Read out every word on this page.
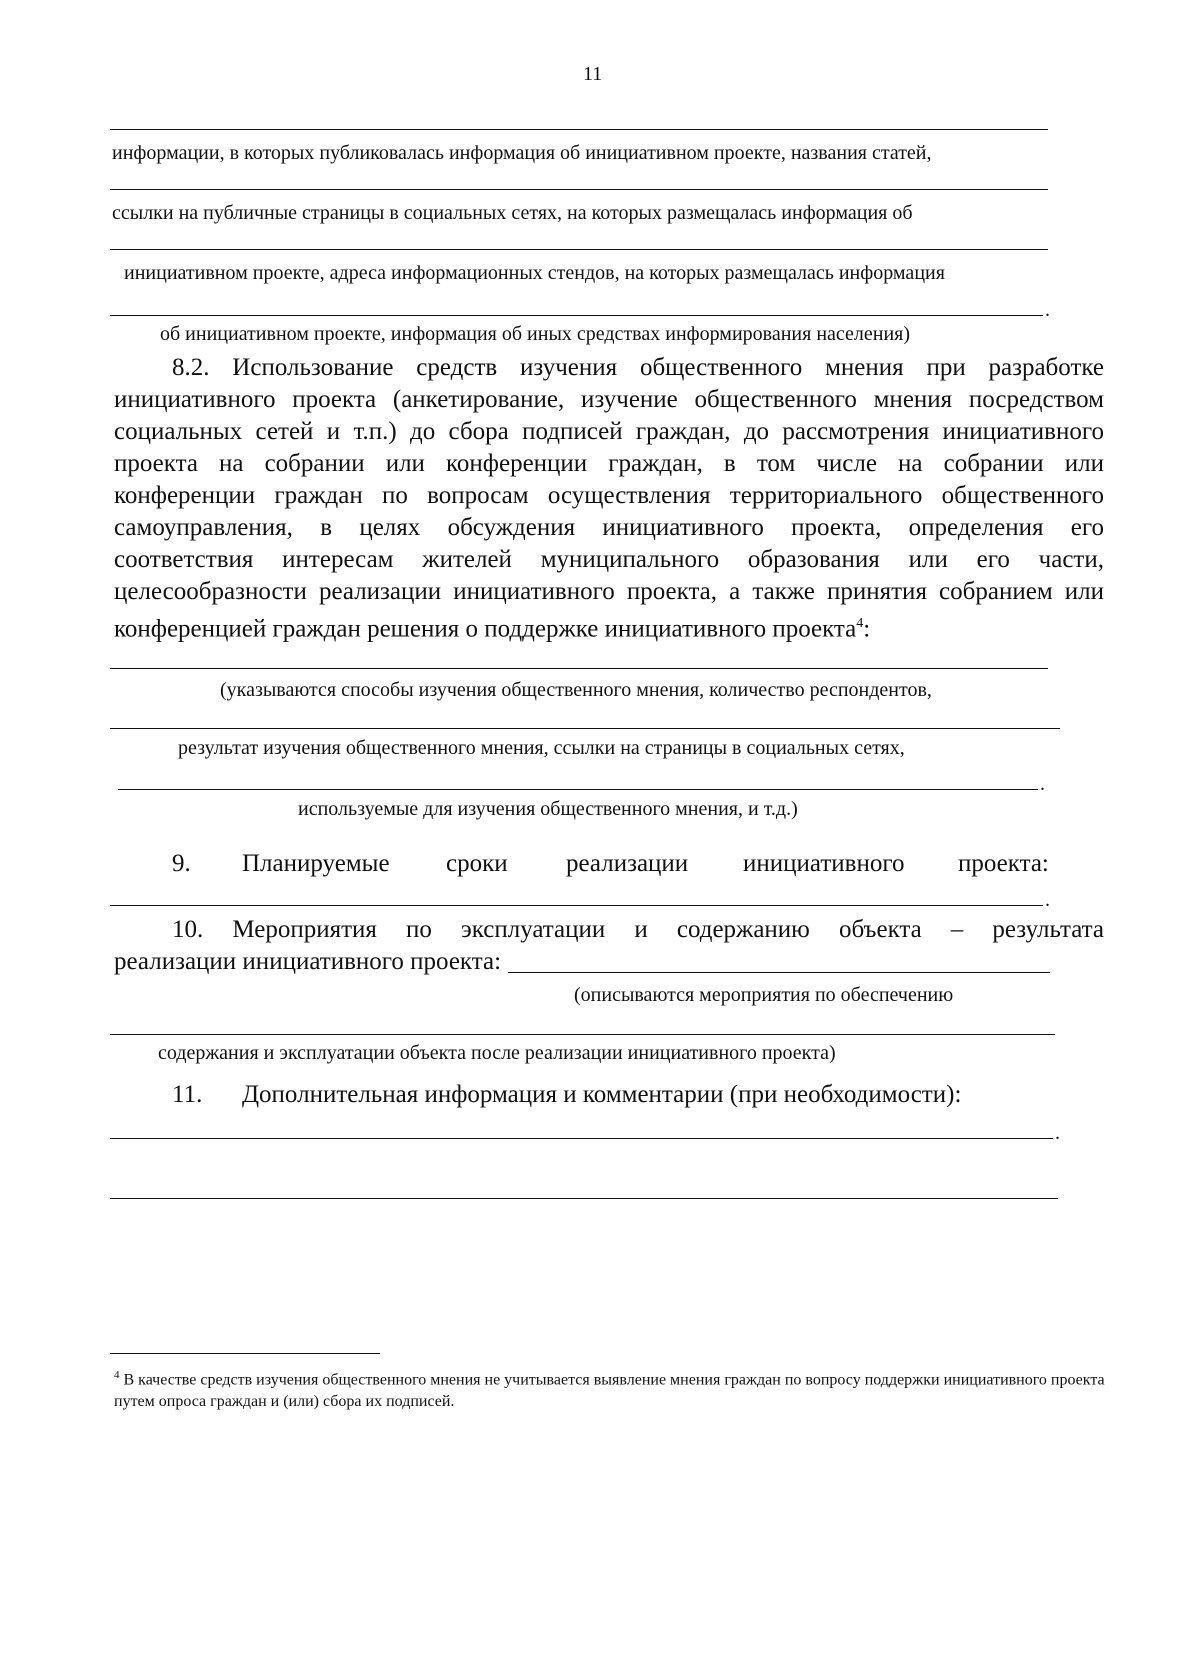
11
информации, в которых публиковалась информация об инициативном проекте, названия статей,
ссылки на публичные страницы в социальных сетях, на которых размещалась информация об
инициативном проекте, адреса информационных стендов, на которых размещалась информация
.
об инициативном проекте, информация об иных средствах информирования населения)
8.2. Использование средств изучения общественного мнения при разработке
инициативного проекта (анкетирование, изучение общественного мнения посредством
социальных сетей и т.п.) до сбора подписей граждан, до рассмотрения инициативного
проекта на собрании или конференции граждан, в том числе на собрании или
конференции граждан по вопросам осуществления территориального общественного
самоуправления, в целях обсуждения инициативного проекта, определения его
соответствия интересам жителей муниципального образования или его части,
целесообразности реализации инициативного проекта, а также принятия собранием или
конференцией граждан решения о поддержке инициативного проекта$^4$:
(указываются способы изучения общественного мнения, количество респондентов,
результат изучения общественного мнения, ссылки на страницы в социальных сетях,
.
используемые для изучения общественного мнения, и т.д.)
9. Планируемые сроки реализации инициативного проекта:
.
10. Мероприятия по эксплуатации и содержанию объекта – результата
реализации инициативного проекта:
(описываются мероприятия по обеспечению
содержания и эксплуатации объекта после реализации инициативного проекта)
11. Дополнительная информация и комментарии (при необходимости):
.
$^4$ В качестве средств изучения общественного мнения не учитывается выявление мнения граждан по вопросу поддержки инициативного проекта путем опроса граждан и (или) сбора их подписей.
